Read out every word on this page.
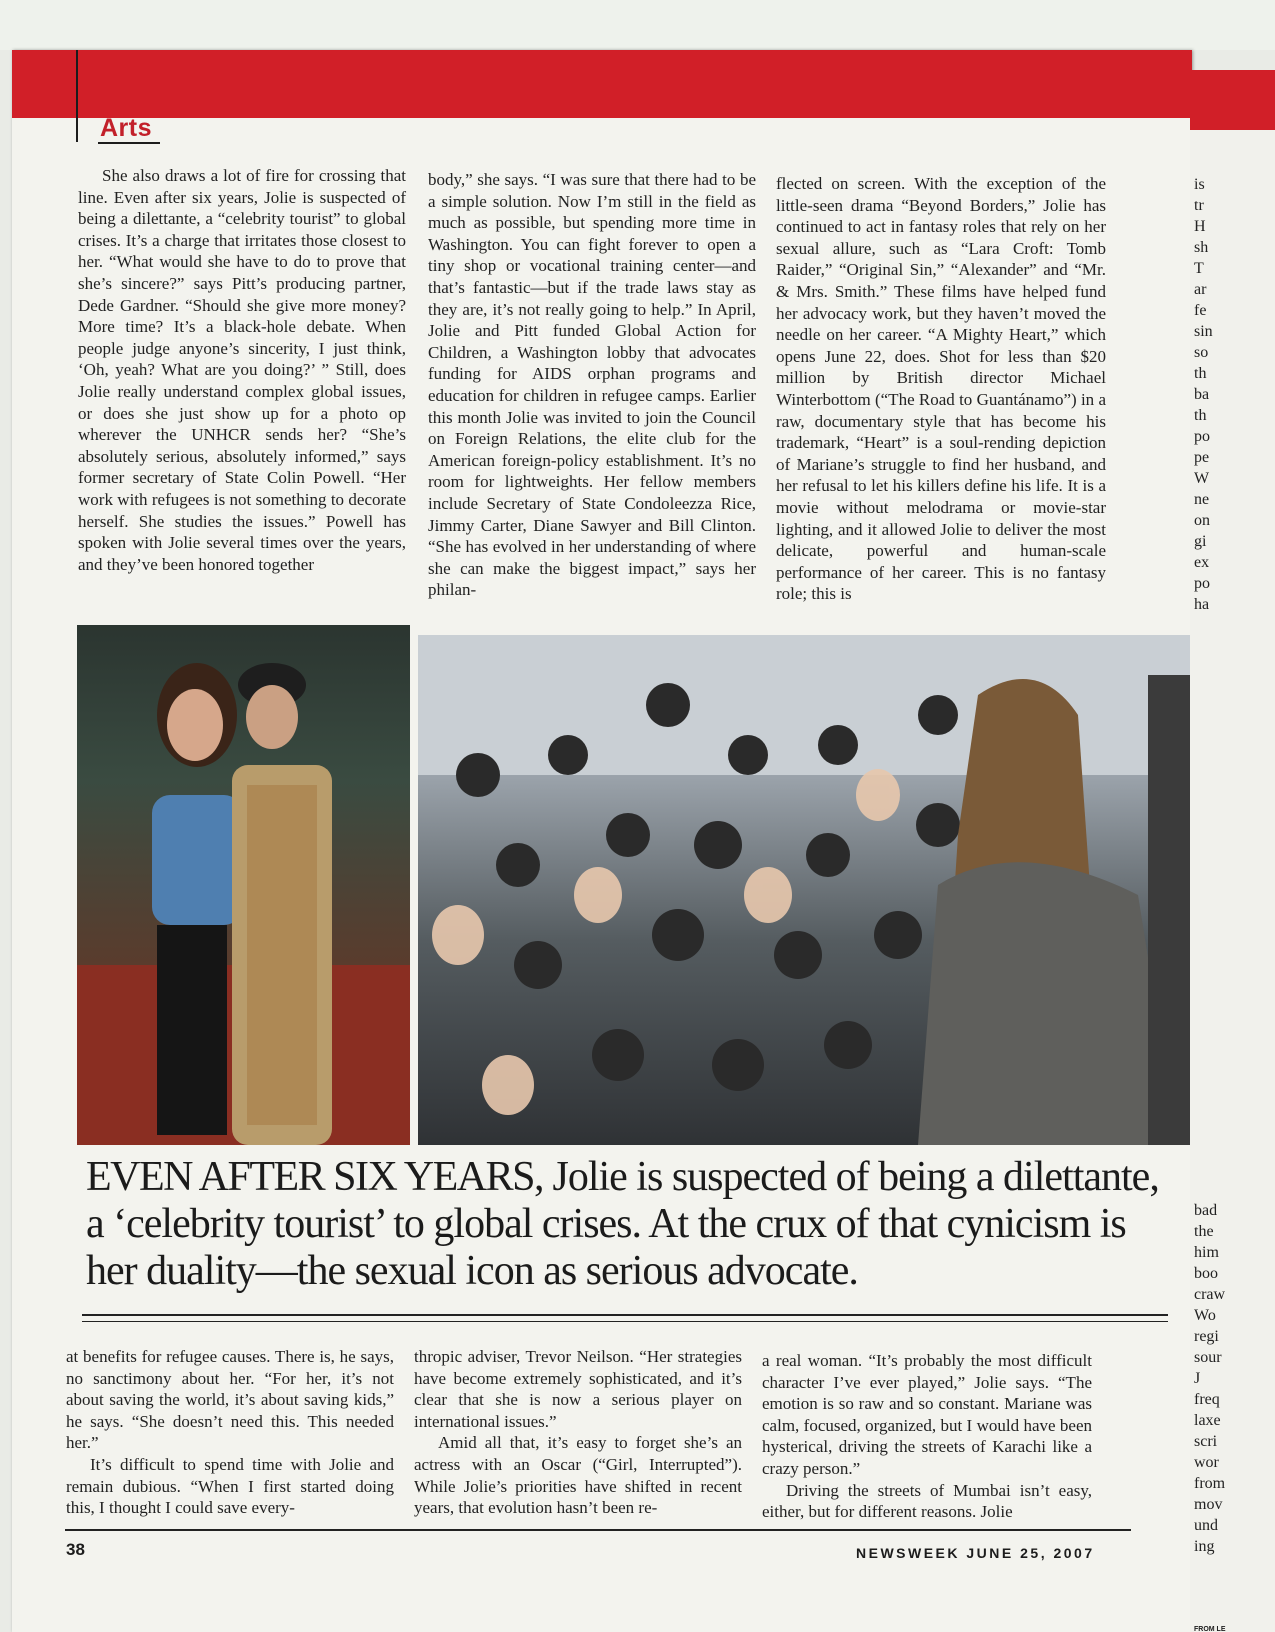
Arts

She also draws a lot of fire for crossing that line. Even after six years, Jolie is suspected of being a dilettante, a “celebrity tourist” to global crises. It’s a charge that irritates those closest to her. “What would she have to do to prove that she’s sincere?” says Pitt’s producing partner, Dede Gardner. “Should she give more money? More time? It’s a black-hole debate. When people judge anyone’s sincerity, I just think, ‘Oh, yeah? What are you doing?’ ” Still, does Jolie really understand complex global issues, or does she just show up for a photo op wherever the UNHCR sends her? “She’s absolutely serious, absolutely informed,” says former secretary of State Colin Powell. “Her work with refugees is not something to decorate herself. She studies the issues.” Powell has spoken with Jolie several times over the years, and they’ve been honored together

body,” she says. “I was sure that there had to be a simple solution. Now I’m still in the field as much as possible, but spending more time in Washington. You can fight forever to open a tiny shop or vocational training center—and that’s fantastic—but if the trade laws stay as they are, it’s not really going to help.” In April, Jolie and Pitt funded Global Action for Children, a Washington lobby that advocates funding for AIDS orphan programs and education for children in refugee camps. Earlier this month Jolie was invited to join the Council on Foreign Relations, the elite club for the American foreign-policy establishment. It’s no room for lightweights. Her fellow members include Secretary of State Condoleezza Rice, Jimmy Carter, Diane Sawyer and Bill Clinton. “She has evolved in her understanding of where she can make the biggest impact,” says her philan-

flected on screen. With the exception of the little-seen drama “Beyond Borders,” Jolie has continued to act in fantasy roles that rely on her sexual allure, such as “Lara Croft: Tomb Raider,” “Original Sin,” “Alexander” and “Mr. & Mrs. Smith.” These films have helped fund her advocacy work, but they haven’t moved the needle on her career. “A Mighty Heart,” which opens June 22, does. Shot for less than $20 million by British director Michael Winterbottom (“The Road to Guantánamo”) in a raw, documentary style that has become his trademark, “Heart” is a soul-rending depiction of Mariane’s struggle to find her husband, and her refusal to let his killers define his life. It is a movie without melodrama or movie-star lighting, and it allowed Jolie to deliver the most delicate, powerful and human-scale performance of her career. This is no fantasy role; this is

EVEN AFTER SIX YEARS, Jolie is suspected of being a dilettante, a ‘celebrity tourist’ to global crises. At the crux of that cynicism is her duality—the sexual icon as serious advocate.

at benefits for refugee causes. There is, he says, no sanctimony about her. “For her, it’s not about saving the world, it’s about saving kids,” he says. “She doesn’t need this. This needed her.”

It’s difficult to spend time with Jolie and remain dubious. “When I first started doing this, I thought I could save every-

thropic adviser, Trevor Neilson. “Her strategies have become extremely sophisticated, and it’s clear that she is now a serious player on international issues.”

Amid all that, it’s easy to forget she’s an actress with an Oscar (“Girl, Interrupted”). While Jolie’s priorities have shifted in recent years, that evolution hasn’t been re-

a real woman. “It’s probably the most difficult character I’ve ever played,” Jolie says. “The emotion is so raw and so constant. Mariane was calm, focused, organized, but I would have been hysterical, driving the streets of Karachi like a crazy person.”

Driving the streets of Mumbai isn’t easy, either, but for different reasons. Jolie

38	NEWSWEEK JUNE 25, 2007
is
tr
H
sh
T
ar
fe
sin
so
th
ba
th
po
pe
W
ne
on
gi
ex
po
ha
bad
the
him
boo
craw
Wo
regi
sour
J
freq
laxe
scri
wor
from
mov
und
ing
FROM LE
